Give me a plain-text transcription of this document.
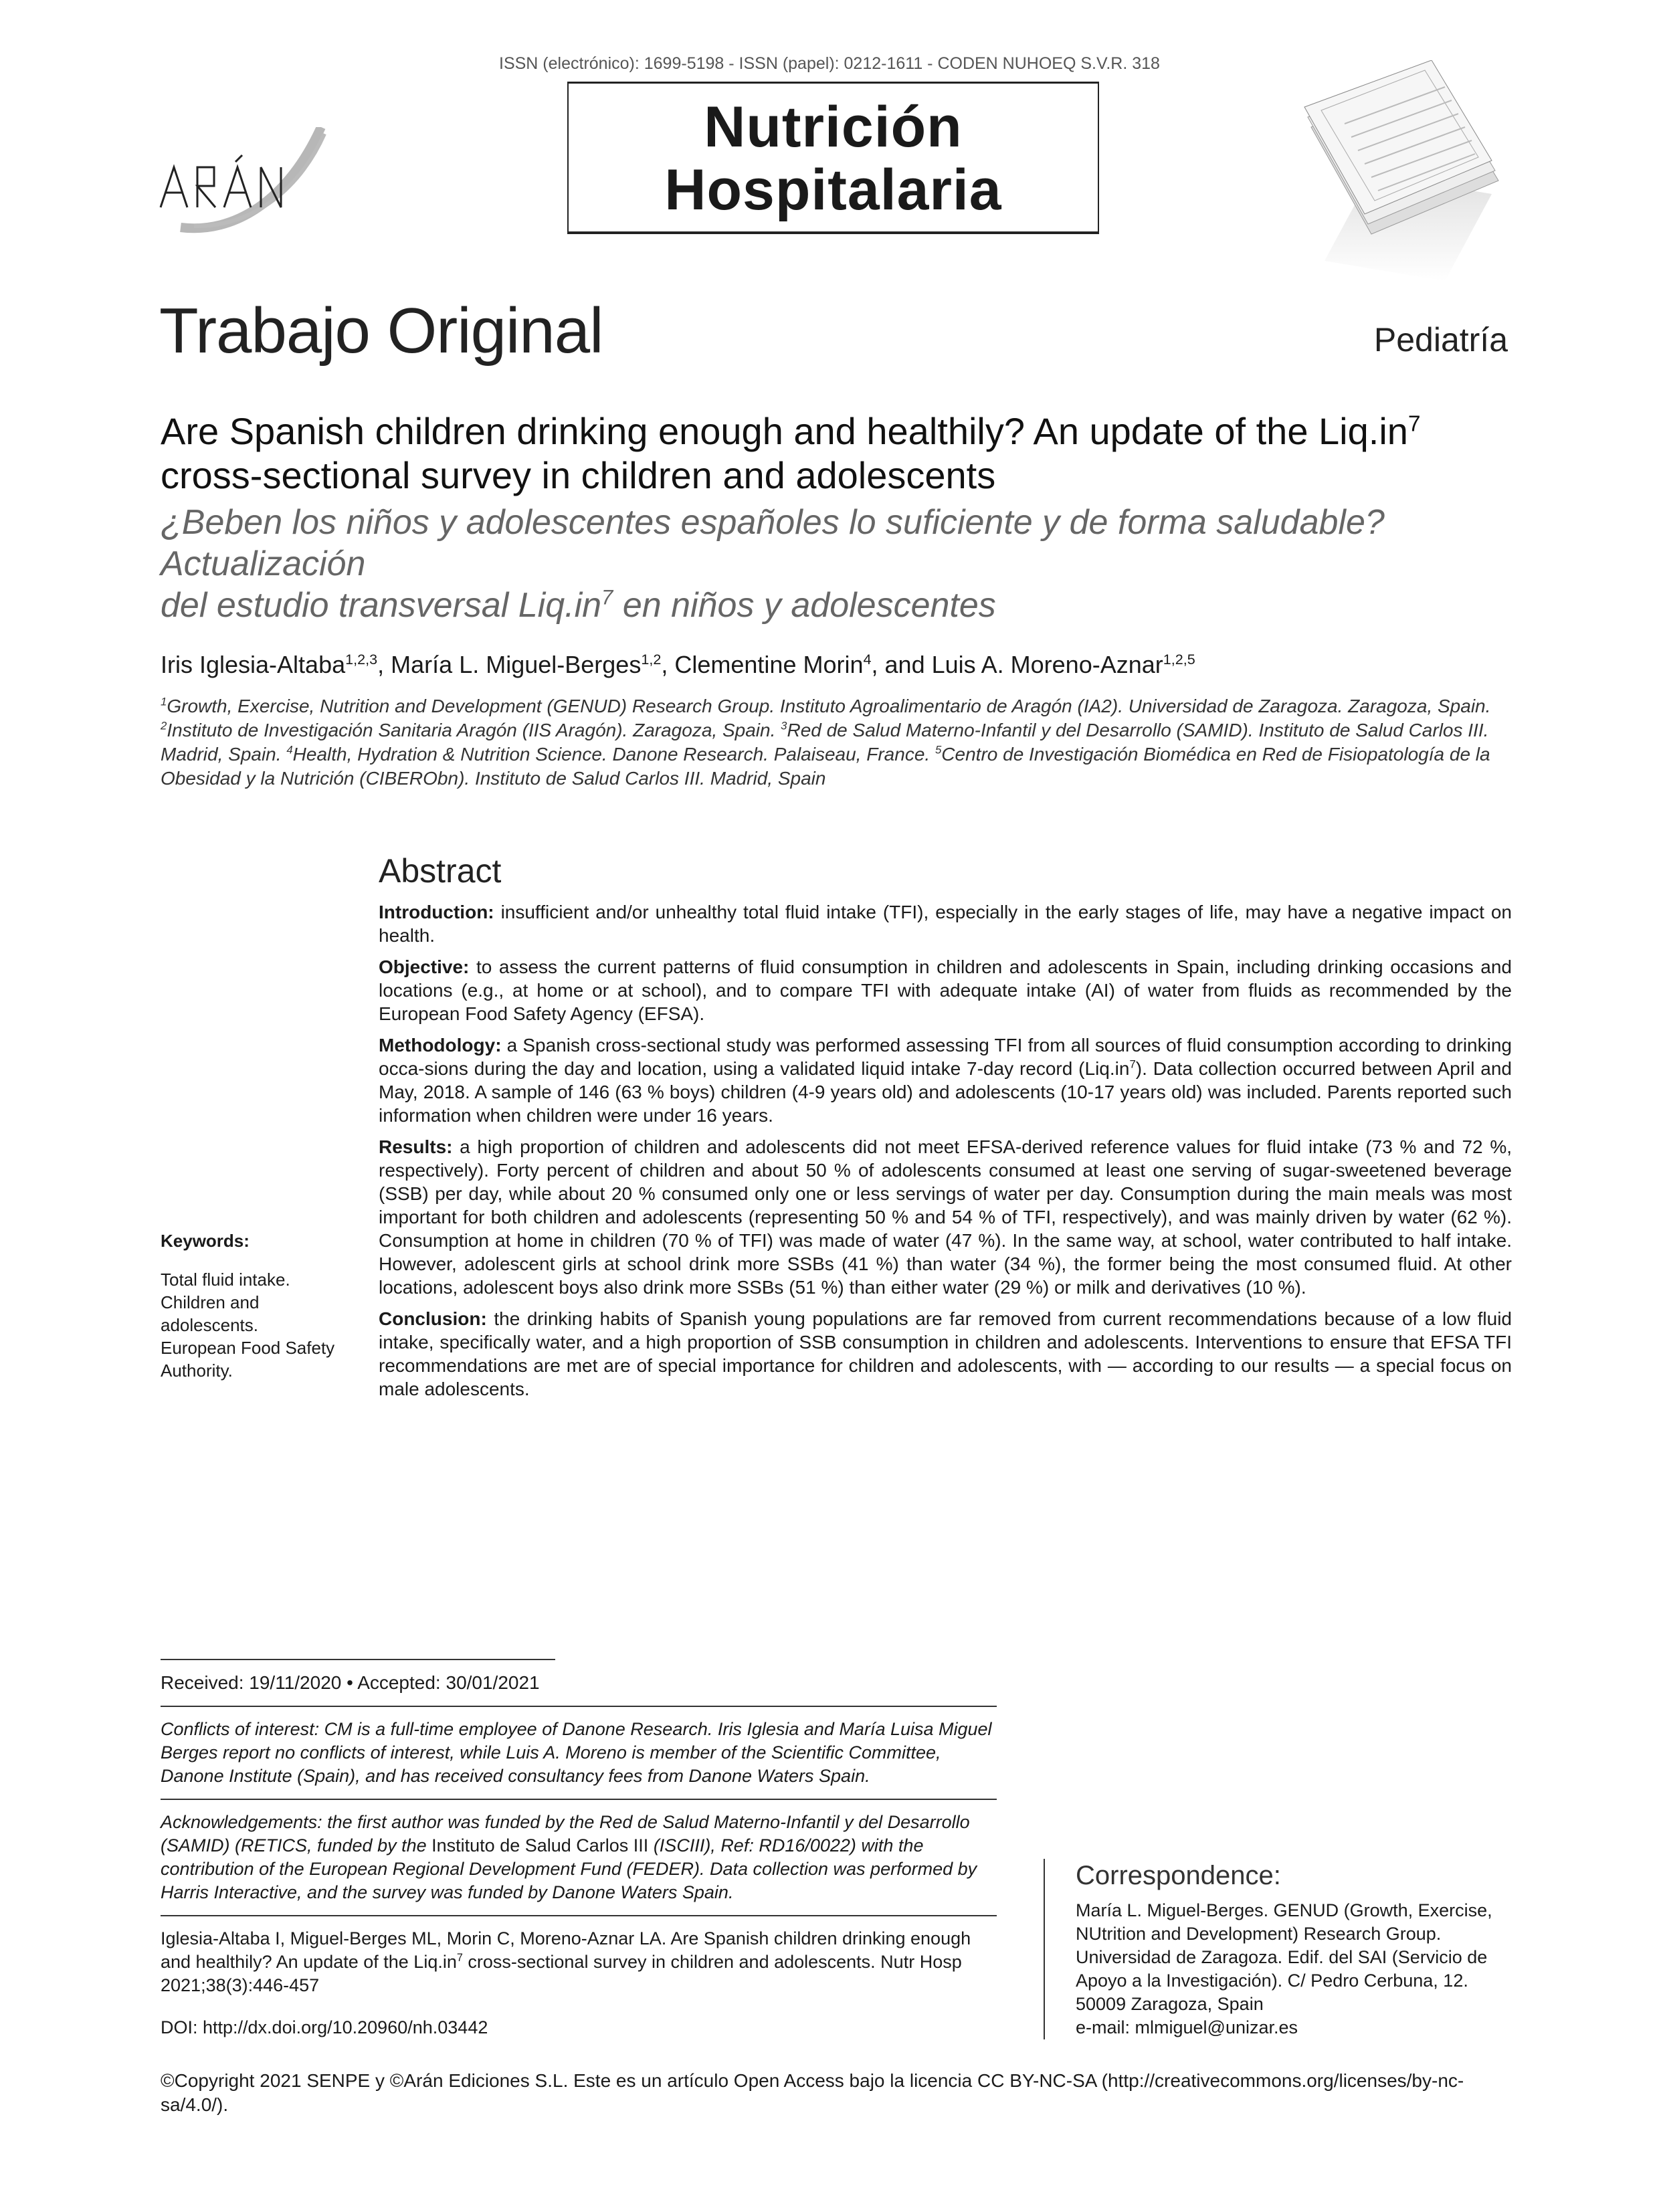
ISSN (electrónico): 1699-5198 - ISSN (papel): 0212-1611 - CODEN NUHOEQ S.V.R. 318
Nutrición
Hospitalaria
Trabajo Original	Pediatría
Are Spanish children drinking enough and healthily? An update of the $Liq.in^7$
cross-sectional survey in children and adolescents
¿Beben los niños y adolescentes españoles lo suficiente y de forma saludable? Actualización
del estudio transversal $Liq.in^7$ en niños y adolescentes
Iris Iglesia-Altaba$^{1,2,3}$, María L. Miguel-Berges$^{1,2}$, Clementine Morin$^4$, and Luis A. Moreno-Aznar$^{1,2,5}$
$^1$Growth, Exercise, Nutrition and Development (GENUD) Research Group. Instituto Agroalimentario de Aragón (IA2). Universidad de Zaragoza. Zaragoza, Spain. $^2$Instituto de Investigación Sanitaria Aragón (IIS Aragón). Zaragoza, Spain. $^3$Red de Salud Materno-Infantil y del Desarrollo (SAMID). Instituto de Salud Carlos III. Madrid, Spain. $^4$Health, Hydration & Nutrition Science. Danone Research. Palaiseau, France. $^5$Centro de Investigación Biomédica en Red de Fisiopatología de la Obesidad y la Nutrición (CIBERObn). Instituto de Salud Carlos III. Madrid, Spain
Keywords:
Total fluid intake.
Children and adolescents.
European Food Safety Authority.
Abstract

Introduction: insufficient and/or unhealthy total fluid intake (TFI), especially in the early stages of life, may have a negative impact on health.

Objective: to assess the current patterns of fluid consumption in children and adolescents in Spain, including drinking occasions and locations (e.g., at home or at school), and to compare TFI with adequate intake (AI) of water from fluids as recommended by the European Food Safety Agency (EFSA).

Methodology: a Spanish cross-sectional study was performed assessing TFI from all sources of fluid consumption according to drinking occa-sions during the day and location, using a validated liquid intake 7-day record $(Liq.in^7)$. Data collection occurred between April and May, 2018. A sample of 146 (63 % boys) children (4-9 years old) and adolescents (10-17 years old) was included. Parents reported such information when children were under 16 years.

Results: a high proportion of children and adolescents did not meet EFSA-derived reference values for fluid intake (73 % and 72 %, respectively). Forty percent of children and about 50 % of adolescents consumed at least one serving of sugar-sweetened beverage (SSB) per day, while about 20 % consumed only one or less servings of water per day. Consumption during the main meals was most important for both children and adolescents (representing 50 % and 54 % of TFI, respectively), and was mainly driven by water (62 %). Consumption at home in children (70 % of TFI) was made of water (47 %). In the same way, at school, water contributed to half intake. However, adolescent girls at school drink more SSBs (41 %) than water (34 %), the former being the most consumed fluid. At other locations, adolescent boys also drink more SSBs (51 %) than either water (29 %) or milk and derivatives (10 %).

Conclusion: the drinking habits of Spanish young populations are far removed from current recommendations because of a low fluid intake, specifically water, and a high proportion of SSB consumption in children and adolescents. Interventions to ensure that EFSA TFI recommendations are met are of special importance for children and adolescents, with — according to our results — a special focus on male adolescents.

Received: 19/11/2020 • Accepted: 30/01/2021
Conflicts of interest: CM is a full-time employee of Danone Research. Iris Iglesia and María Luisa Miguel Berges report no conflicts of interest, while Luis A. Moreno is member of the Scientific Committee, Danone Institute (Spain), and has received consultancy fees from Danone Waters Spain.
Acknowledgements: the first author was funded by the Red de Salud Materno-Infantil y del Desarrollo (SAMID) (RETICS, funded by the Instituto de Salud Carlos III (ISCIII), Ref: RD16/0022) with the contribution of the European Regional Development Fund (FEDER). Data collection was performed by Harris Interactive, and the survey was funded by Danone Waters Spain.
Iglesia-Altaba I, Miguel-Berges ML, Morin C, Moreno-Aznar LA. Are Spanish children drinking enough and healthily? An update of the $Liq.in^7$ cross-sectional survey in children and adolescents. Nutr Hosp 2021;38(3):446-457
DOI: http://dx.doi.org/10.20960/nh.03442
Correspondence:
María L. Miguel-Berges. GENUD (Growth, Exercise, NUtrition and Development) Research Group. Universidad de Zaragoza. Edif. del SAI (Servicio de Apoyo a la Investigación). C/ Pedro Cerbuna, 12.
50009 Zaragoza, Spain
e-mail: mlmiguel@unizar.es
©Copyright 2021 SENPE y ©Arán Ediciones S.L. Este es un artículo Open Access bajo la licencia CC BY-NC-SA (http://creativecommons.org/licenses/by-nc-sa/4.0/).
